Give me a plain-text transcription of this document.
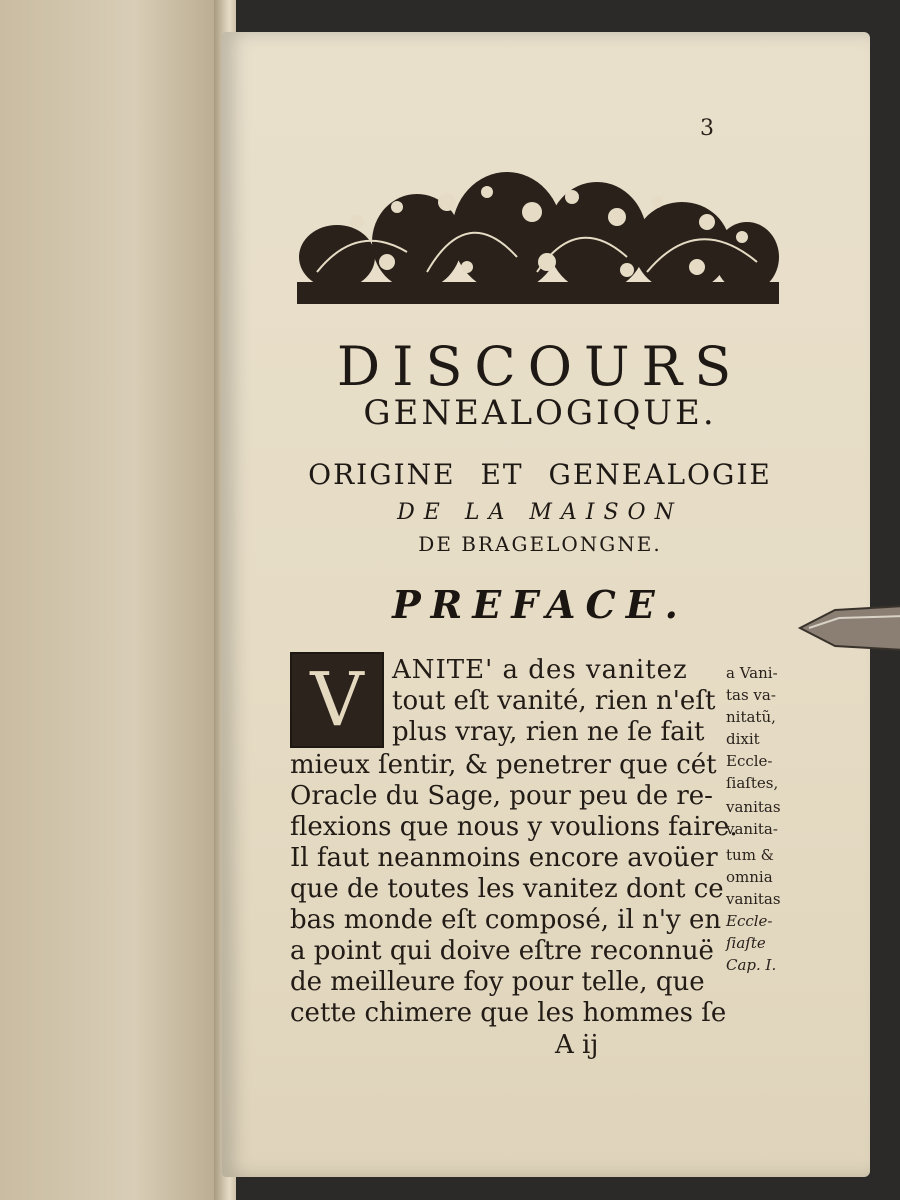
3
DISCOURS
GENEALOGIQUE.
ORIGINE ET GENEALOGIE
DE LA MAISON
DE BRAGELONGNE.
PREFACE.
V	ANITE' a des vanitez
tout eſt vanité, rien n'eſt
plus vray, rien ne ſe fait
mieux ſentir, & penetrer que cét
Oracle du Sage, pour peu de re-
flexions que nous y voulions faire.
Il faut neanmoins encore avoüer
que de toutes les vanitez dont ce
bas monde eſt composé, il n'y en
a point qui doive eſtre reconnuë
de meilleure foy pour telle, que
cette chimere que les hommes ſe
a Vani-
tas va-
nitatũ,
dixit
Eccle-
ſiaſtes,
vanitas
vanita-
tum &
omnia
vanitas
Eccle-
ſiaſte
Cap. I.
A ij
